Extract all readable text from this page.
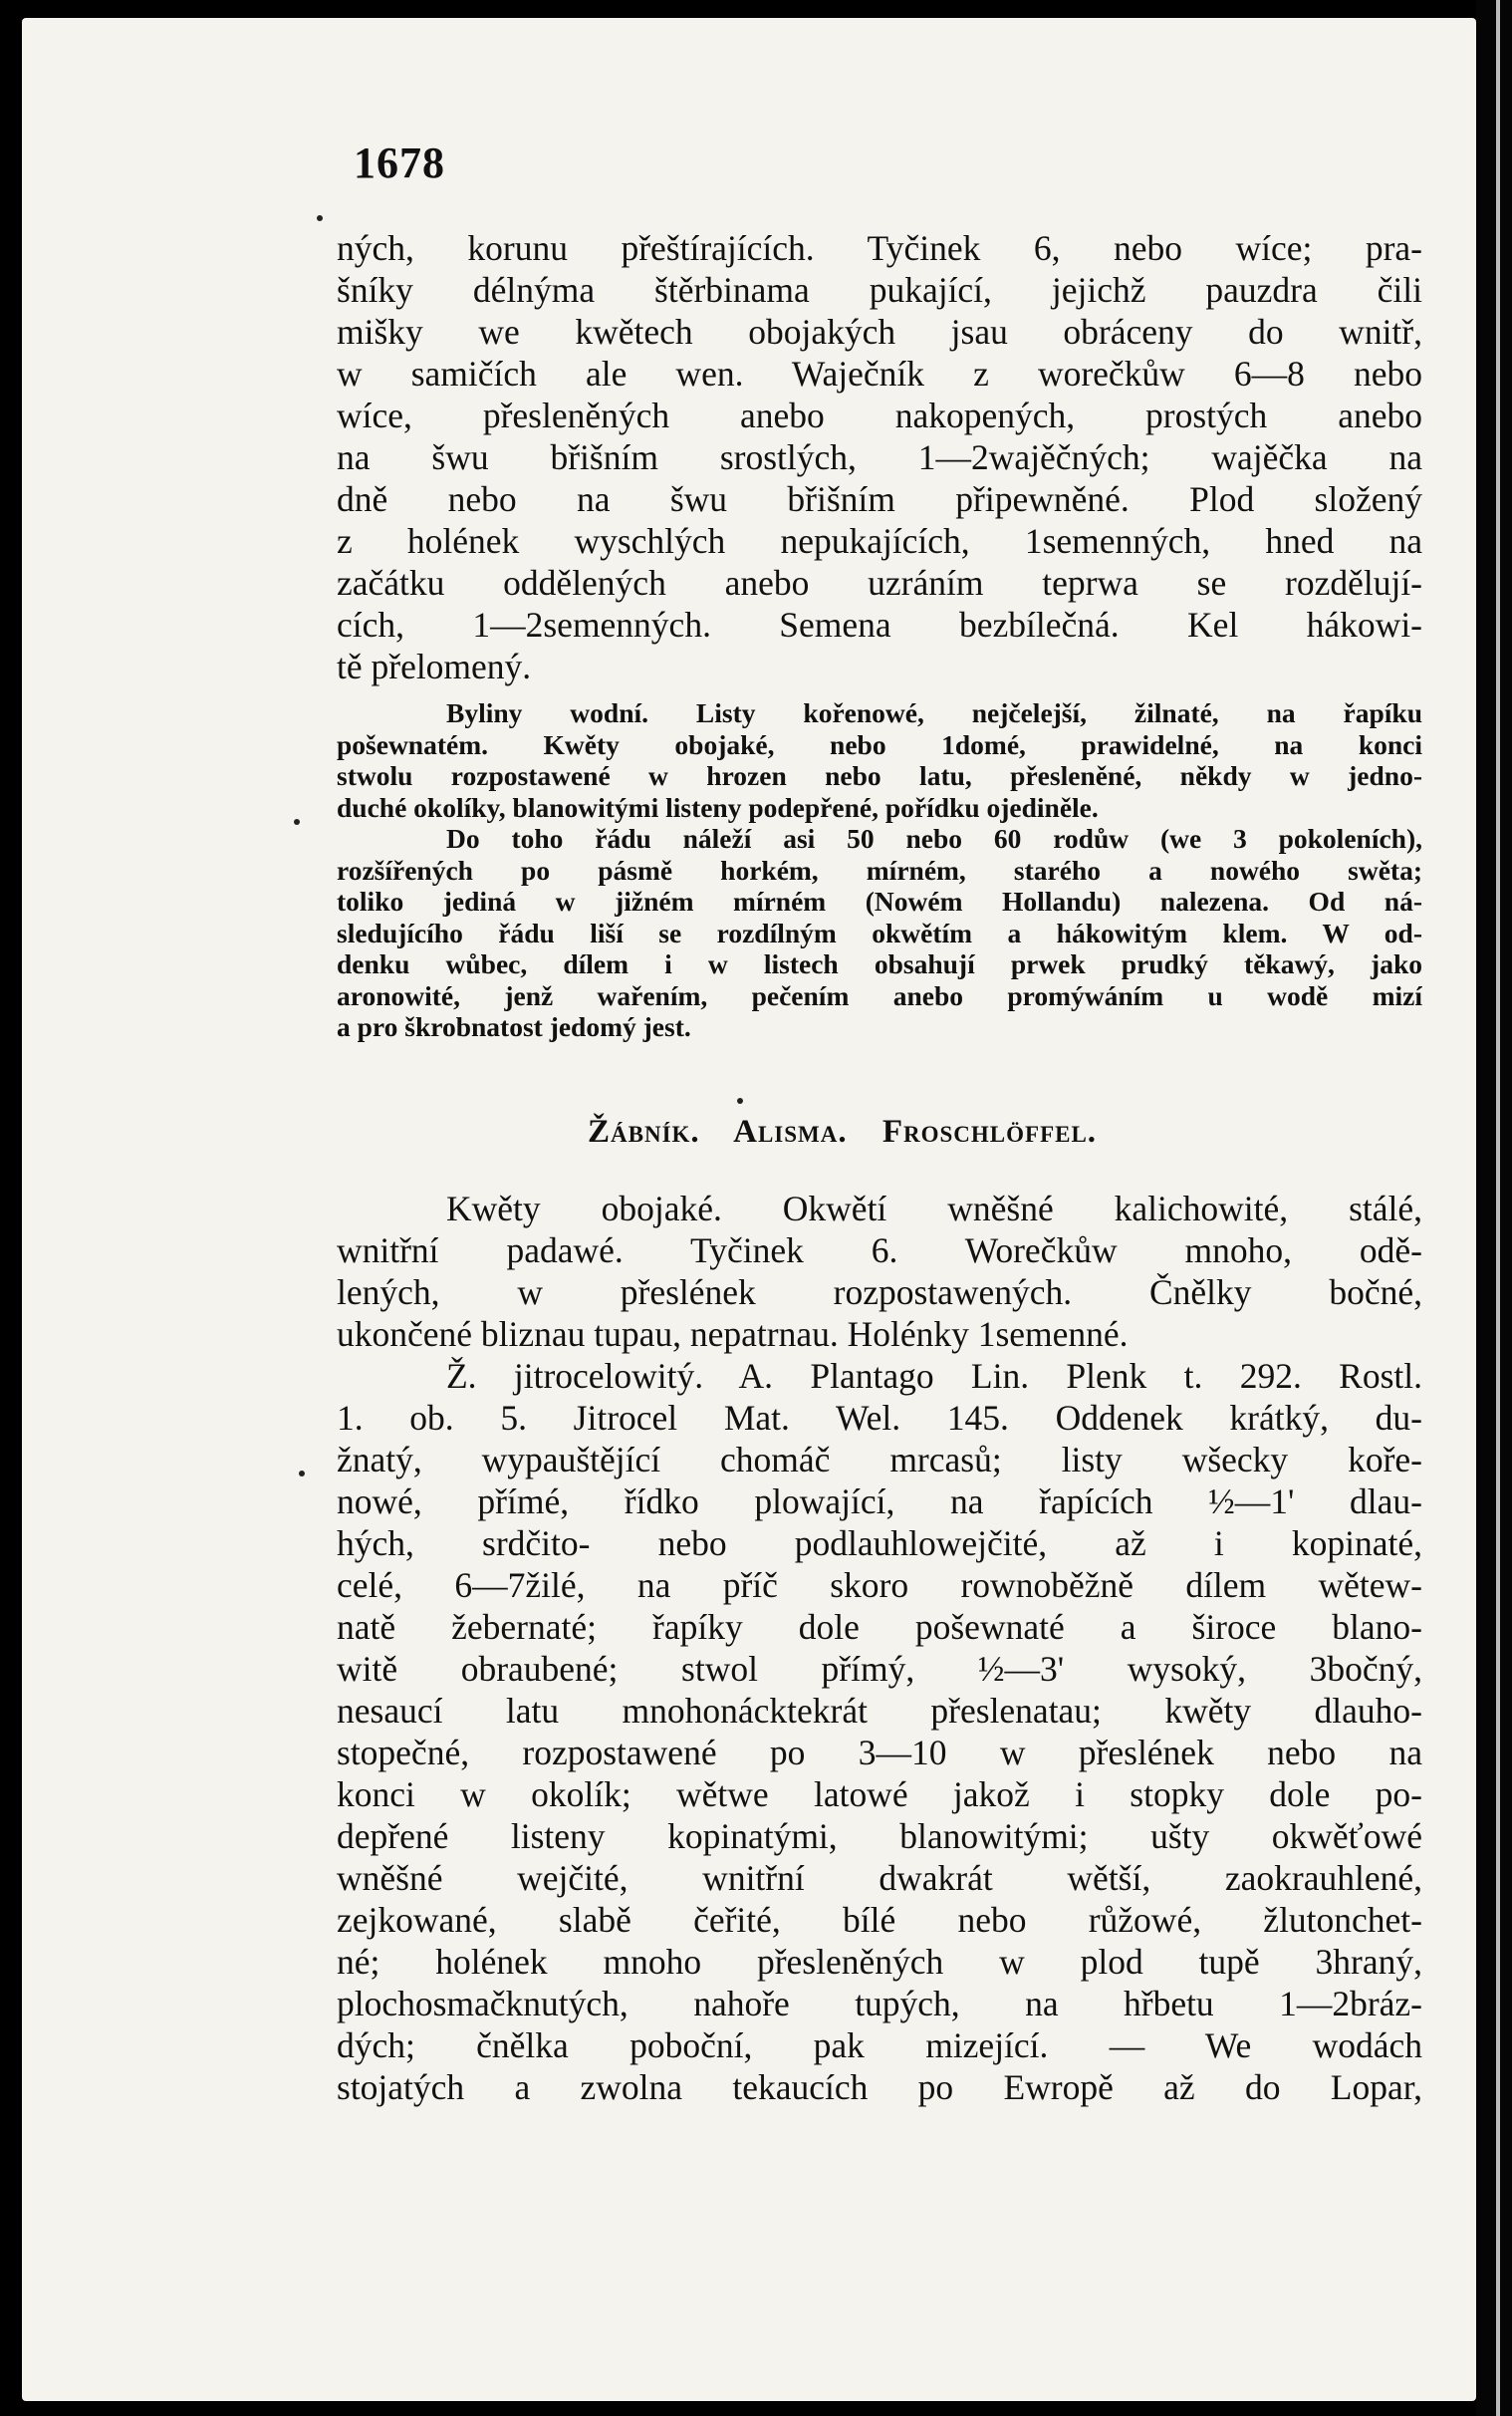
1678
ných, korunu přeštírajících. Tyčinek 6, nebo wíce; pra-
šníky délnýma štěrbinama pukající, jejichž pauzdra čili
mišky we kwětech obojakých jsau obráceny do wnitř,
w samičích ale wen. Waječník z worečkůw 6—8 nebo
wíce, přesleněných anebo nakopených, prostých anebo
na šwu břišním srostlých, 1—2wajěčných; wajěčka na
dně nebo na šwu břišním připewněné. Plod složený
z holének wyschlých nepukajících, 1semenných, hned na
začátku oddělených anebo uzráním teprwa se rozdělují-
cích, 1—2semenných. Semena bezbílečná. Kel hákowi-
tě přelomený.
Byliny wodní. Listy kořenowé, nejčelejší, žilnaté, na řapíku
pošewnatém. Kwěty obojaké, nebo 1domé, prawidelné, na konci
stwolu rozpostawené w hrozen nebo latu, přesleněné, někdy w jedno-
duché okolíky, blanowitými listeny podepřené, pořídku ojediněle.
Do toho řádu náleží asi 50 nebo 60 rodůw (we 3 pokoleních),
rozšířených po pásmě horkém, mírném, starého a nowého swěta;
toliko jediná w jižném mírném (Nowém Hollandu) nalezena. Od ná-
sledujícího řádu liší se rozdílným okwětím a hákowitým klem. W od-
denku wůbec, dílem i w listech obsahují prwek prudký těkawý, jako
aronowité, jenž wařením, pečením anebo promýwáním u wodě mizí
a pro škrobnatost jedomý jest.
Žábník. Alisma. Froschlöffel.
Kwěty obojaké. Okwětí wněšné kalichowité, stálé,
wnitřní padawé. Tyčinek 6. Worečkůw mnoho, odě-
lených, w přeslének rozpostawených. Čnělky bočné,
ukončené bliznau tupau, nepatrnau. Holénky 1semenné.
Ž. jitrocelowitý. A. Plantago Lin. Plenk t. 292. Rostl.
1. ob. 5. Jitrocel Mat. Wel. 145. Oddenek krátký, du-
žnatý, wypauštějící chomáč mrcasů; listy wšecky koře-
nowé, přímé, řídko plowající, na řapících ½—1' dlau-
hých, srdčito- nebo podlauhlowejčité, až i kopinaté,
celé, 6—7žilé, na příč skoro rownoběžně dílem wětew-
natě žebernaté; řapíky dole pošewnaté a široce blano-
witě obraubené; stwol přímý, ½—3' wysoký, 3bočný,
nesaucí latu mnohonácktekrát přeslenatau; kwěty dlauho-
stopečné, rozpostawené po 3—10 w přeslének nebo na
konci w okolík; wětwe latowé jakož i stopky dole po-
depřené listeny kopinatými, blanowitými; ušty okwěťowé
wněšné wejčité, wnitřní dwakrát wětší, zaokrauhlené,
zejkowané, slabě čeřité, bílé nebo růžowé, žlutonchet-
né; holének mnoho přesleněných w plod tupě 3hraný,
plochosmačknutých, nahoře tupých, na hřbetu 1—2bráz-
dých; čnělka poboční, pak mizející. — We wodách
stojatých a zwolna tekaucích po Ewropě až do Lopar,
